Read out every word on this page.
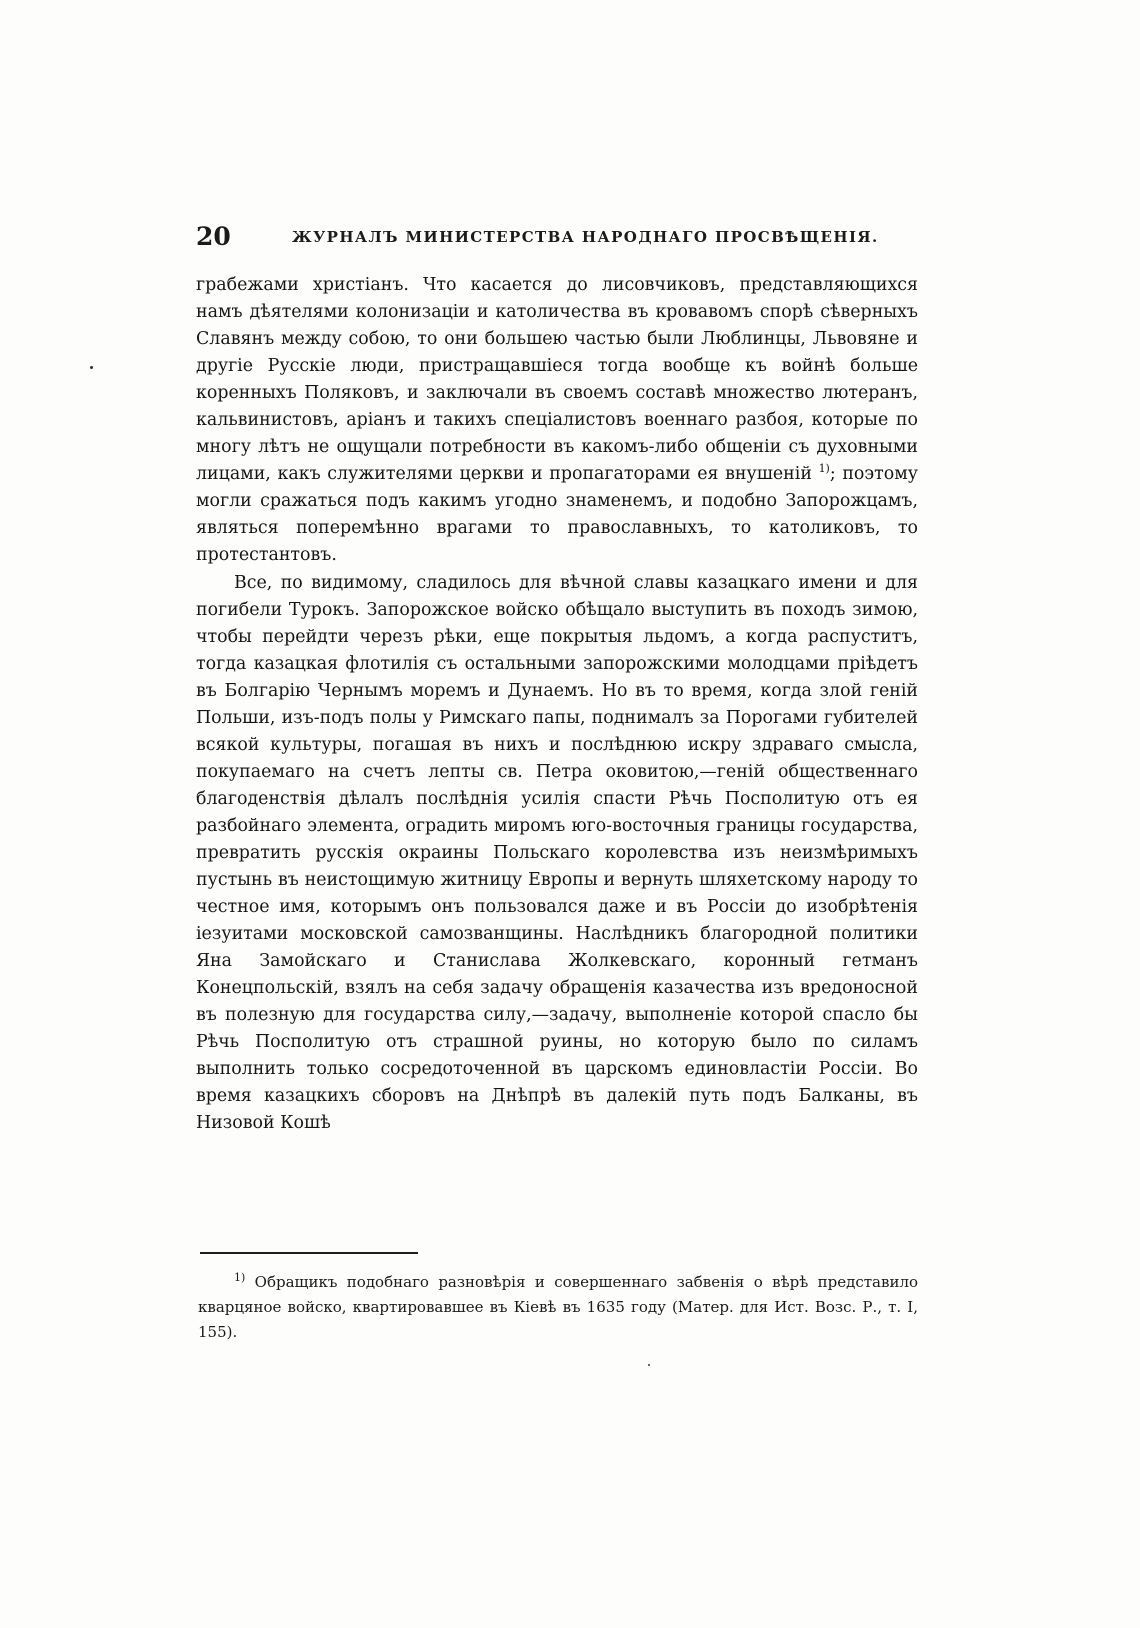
20	ЖУРНАЛЪ МИНИСТЕРСТВА НАРОДНАГО ПРОСВѢЩЕНІЯ.

грабежами христіанъ. Что касается до лисовчиковъ, представляющихся намъ дѣятелями колонизаціи и католичества въ кровавомъ спорѣ сѣверныхъ Славянъ между собою, то они большею частью были Люблинцы, Львовяне и другіе Русскіе люди, пристращавшіеся тогда вообще къ войнѣ больше коренныхъ Поляковъ, и заключали въ своемъ составѣ множество лютеранъ, кальвинистовъ, аріанъ и такихъ спеціалистовъ военнаго разбоя, которые по многу лѣтъ не ощущали потребности въ какомъ-либо общеніи съ духовными лицами, какъ служителями церкви и пропагаторами ея внушеній $^{1)}$; поэтому могли сражаться подъ какимъ угодно знаменемъ, и подобно Запорожцамъ, являться поперемѣнно врагами то православныхъ, то католиковъ, то протестантовъ.

Все, по видимому, сладилось для вѣчной славы казацкаго имени и для погибели Турокъ. Запорожское войско обѣщало выступить въ походъ зимою, чтобы перейдти черезъ рѣки, еще покрытыя льдомъ, а когда распуститъ, тогда казацкая флотилія съ остальными запорожскими молодцами пріѣдетъ въ Болгарію Чернымъ моремъ и Дунаемъ. Но въ то время, когда злой геній Польши, изъ-подъ полы у Римскаго папы, поднималъ за Порогами губителей всякой культуры, погашая въ нихъ и послѣднюю искру здраваго смысла, покупаемаго на счетъ лепты св. Петра оковитою,—геній общественнаго благоденствія дѣлалъ послѣднія усилія спасти Рѣчь Посполитую отъ ея разбойнаго элемента, оградить миромъ юго-восточныя границы государства, превратить русскія окраины Польскаго королевства изъ неизмѣримыхъ пустынь въ неистощимую житницу Европы и вернуть шляхетскому народу то честное имя, которымъ онъ пользовался даже и въ Россіи до изобрѣтенія іезуитами московской самозванщины. Наслѣдникъ благородной политики Яна Замойскаго и Станислава Жолкевскаго, коронный гетманъ Конецпольскій, взялъ на себя задачу обращенія казачества изъ вредоносной въ полезную для государства силу,—задачу, выполненіе которой спасло бы Рѣчь Посполитую отъ страшной руины, но которую было по силамъ выполнить только сосредоточенной въ царскомъ единовластіи Россіи. Во время казацкихъ сборовъ на Днѣпрѣ въ далекій путь подъ Балканы, въ Низовой Кошѣ

$^{1)}$ Обращикъ подобнаго разновѣрія и совершеннаго забвенія о вѣрѣ представило кварцяное войско, квартировавшее въ Кіевѣ въ 1635 году (Матер. для Ист. Возс. Р., т. I, 155).
